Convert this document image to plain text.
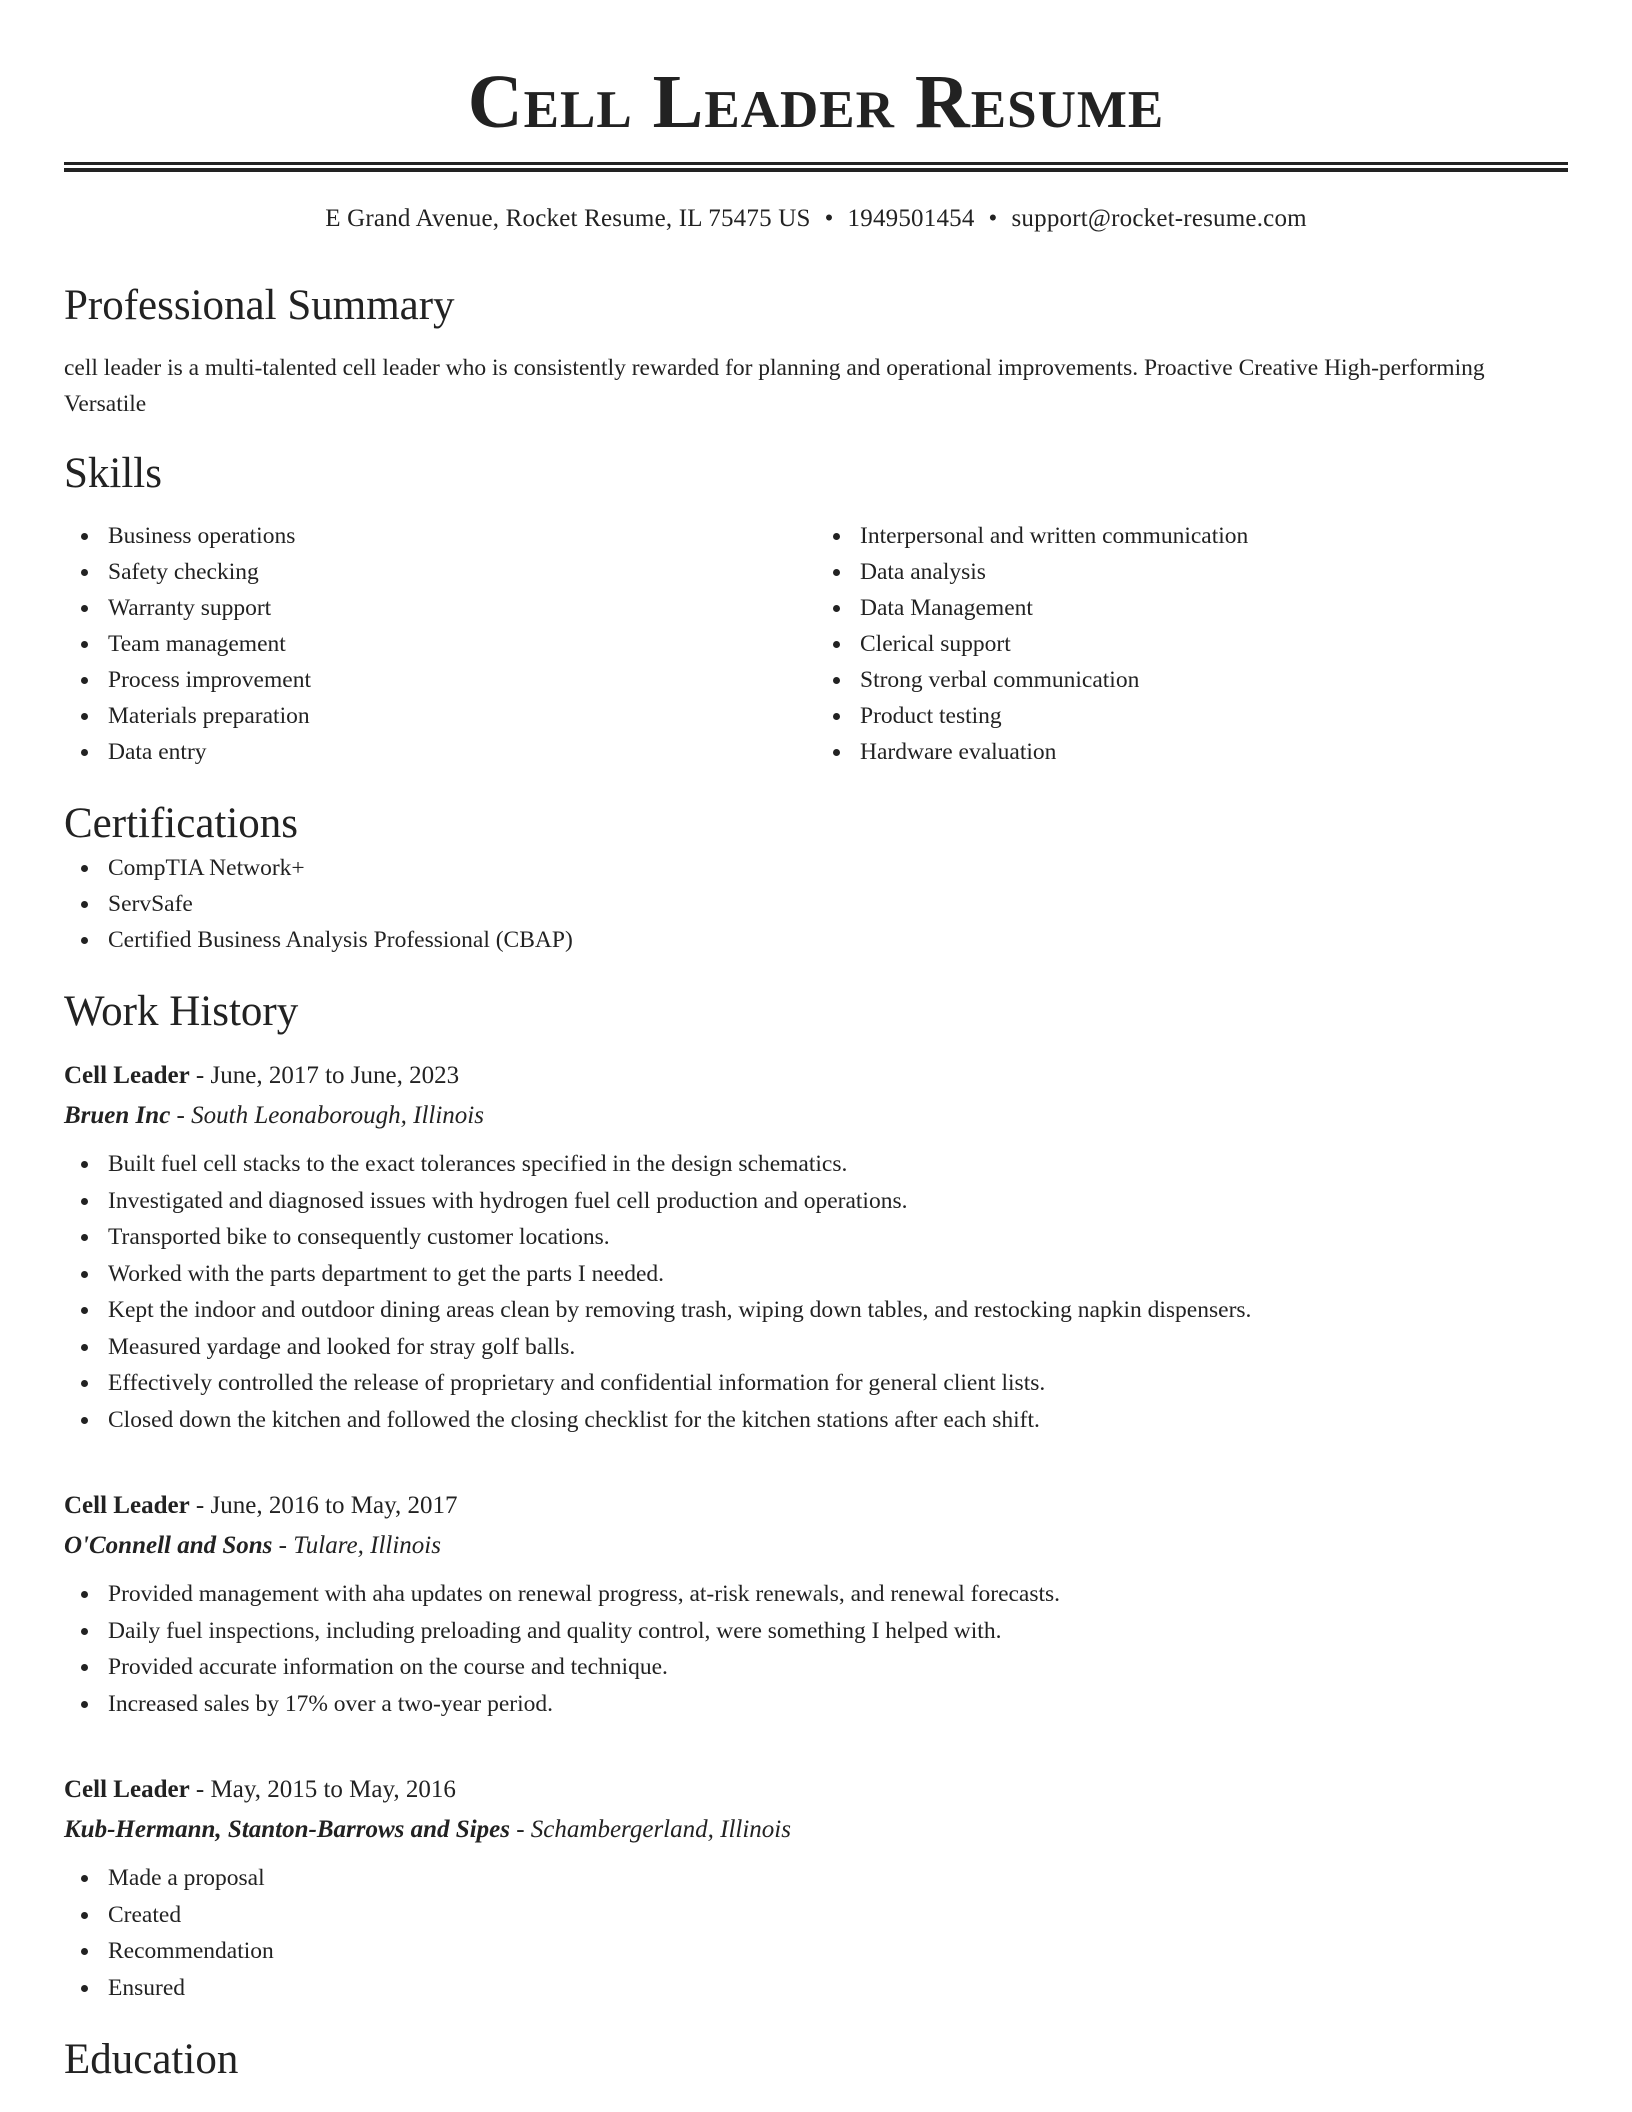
Cell Leader Resume
E Grand Avenue, Rocket Resume, IL 75475 US • 1949501454 • support@rocket-resume.com
Professional Summary

cell leader is a multi-talented cell leader who is consistently rewarded for planning and operational improvements. Proactive Creative High-performing Versatile

Skills
Business operations
Safety checking
Warranty support
Team management
Process improvement
Materials preparation
Data entry
Interpersonal and written communication
Data analysis
Data Management
Clerical support
Strong verbal communication
Product testing
Hardware evaluation
Certifications
CompTIA Network+
ServSafe
Certified Business Analysis Professional (CBAP)
Work History
Cell Leader - June, 2017 to June, 2023
Bruen Inc - South Leonaborough, Illinois
Built fuel cell stacks to the exact tolerances specified in the design schematics.
Investigated and diagnosed issues with hydrogen fuel cell production and operations.
Transported bike to consequently customer locations.
Worked with the parts department to get the parts I needed.
Kept the indoor and outdoor dining areas clean by removing trash, wiping down tables, and restocking napkin dispensers.
Measured yardage and looked for stray golf balls.
Effectively controlled the release of proprietary and confidential information for general client lists.
Closed down the kitchen and followed the closing checklist for the kitchen stations after each shift.
Cell Leader - June, 2016 to May, 2017
O'Connell and Sons - Tulare, Illinois
Provided management with aha updates on renewal progress, at-risk renewals, and renewal forecasts.
Daily fuel inspections, including preloading and quality control, were something I helped with.
Provided accurate information on the course and technique.
Increased sales by 17% over a two-year period.
Cell Leader - May, 2015 to May, 2016
Kub-Hermann, Stanton-Barrows and Sipes - Schambergerland, Illinois
Made a proposal
Created
Recommendation
Ensured
Education
